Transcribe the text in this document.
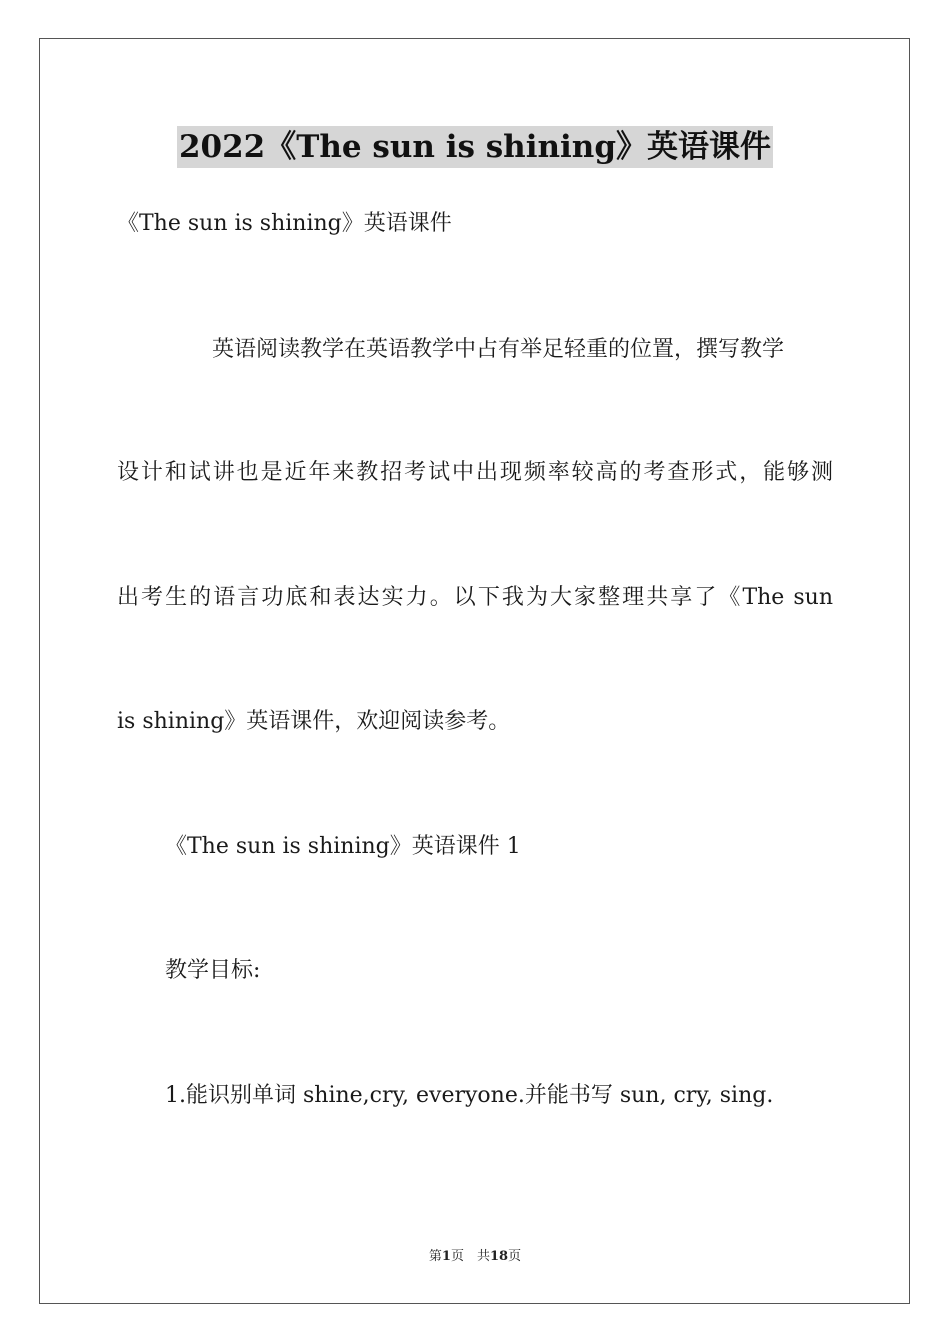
2022《The sun is shining》英语课件

《The sun is shining》英语课件

英语阅读教学在英语教学中占有举足轻重的位置，撰写教学

设计和试讲也是近年来教招考试中出现频率较高的考查形式，能够测

出考生的语言功底和表达实力。以下我为大家整理共享了《The sun

is shining》英语课件，欢迎阅读参考。

《The sun is shining》英语课件 1

教学目标:

1.能识别单词 shine,cry, everyone.并能书写 sun, cry, sing.

第1页　共18页
